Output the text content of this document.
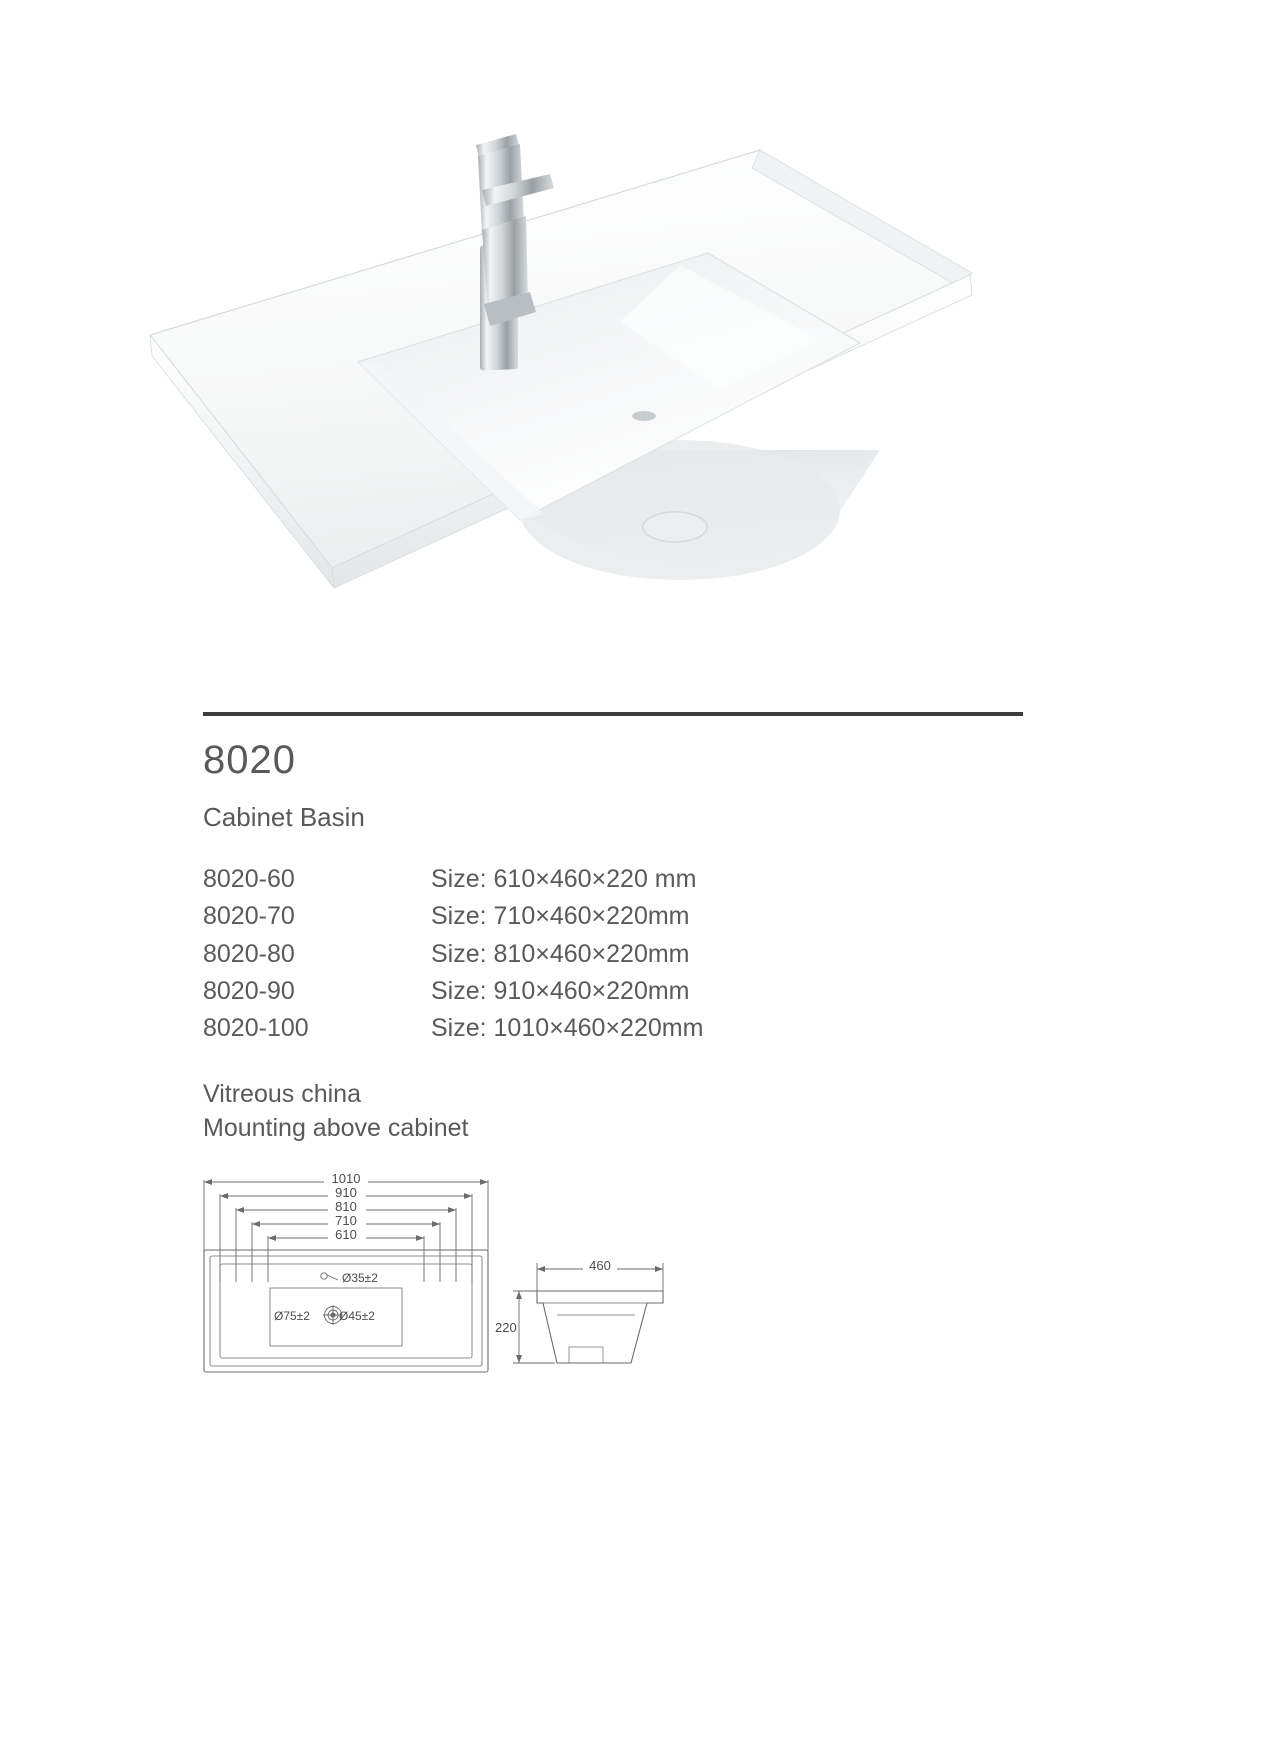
8020
Cabinet Basin
8020-60	Size: 610×460×220 mm
8020-70	Size: 710×460×220mm
8020-80	Size: 810×460×220mm
8020-90	Size: 910×460×220mm
8020-100	Size: 1010×460×220mm
Vitreous china
Mounting above cabinet
1010
910
810
710
610
Ø35±2
Ø75±2 Ø45±2
460
220
